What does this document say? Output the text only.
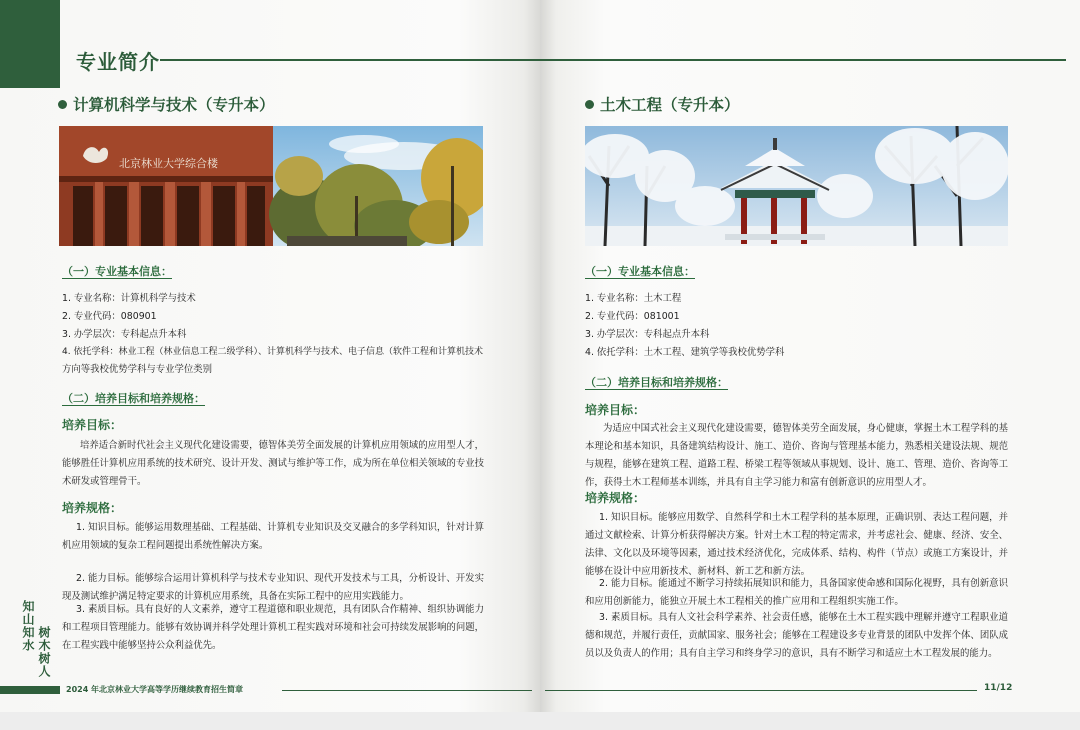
专业简介
计算机科学与技术（专升本）
北京林业大学综合楼
（一）专业基本信息：
1. 专业名称：计算机科学与技术
2. 专业代码：080901
3. 办学层次：专科起点升本科
4. 依托学科：林业工程（林业信息工程二级学科）、计算机科学与技术、电子信息（软件工程和计算机技术
方向等我校优势学科与专业学位类别
（二）培养目标和培养规格：
培养目标：
培养适合新时代社会主义现代化建设需要，德智体美劳全面发展的计算机应用领域的应用型人才，能够胜任计算机应用系统的技术研究、设计开发、测试与维护等工作，成为所在单位相关领域的专业技术研发或管理骨干。
培养规格：
1. 知识目标。能够运用数理基础、工程基础、计算机专业知识及交叉融合的多学科知识，针对计算机应用领域的复杂工程问题提出系统性解决方案。
2. 能力目标。能够综合运用计算机科学与技术专业知识、现代开发技术与工具，分析设计、开发实现及测试维护满足特定要求的计算机应用系统，具备在实际工程中的应用实践能力。
3. 素质目标。具有良好的人文素养，遵守工程道德和职业规范，具有团队合作精神、组织协调能力和工程项目管理能力。能够有效协调并科学处理计算机工程实践对环境和社会可持续发展影响的问题，在工程实践中能够坚持公众利益优先。
知山知水 树木树人
土木工程（专升本）
（一）专业基本信息：
1. 专业名称：土木工程
2. 专业代码：081001
3. 办学层次：专科起点升本科
4. 依托学科：土木工程、建筑学等我校优势学科
（二）培养目标和培养规格：
培养目标：
为适应中国式社会主义现代化建设需要，德智体美劳全面发展，身心健康，掌握土木工程学科的基本理论和基本知识，具备建筑结构设计、施工、造价、咨询与管理基本能力，熟悉相关建设法规、规范与规程，能够在建筑工程、道路工程、桥梁工程等领域从事规划、设计、施工、管理、造价、咨询等工作，获得土木工程师基本训练，并具有自主学习能力和富有创新意识的应用型人才。
培养规格：
1. 知识目标。能够应用数学、自然科学和土木工程学科的基本原理，正确识别、表达工程问题，并通过文献检索、计算分析获得解决方案。针对土木工程的特定需求，并考虑社会、健康、经济、安全、法律、文化以及环境等因素，通过技术经济优化，完成体系、结构、构件（节点）或施工方案设计，并能够在设计中应用新技术、新材料、新工艺和新方法。
2. 能力目标。能通过不断学习持续拓展知识和能力，具备国家使命感和国际化视野，具有创新意识和应用创新能力，能独立开展土木工程相关的推广应用和工程组织实施工作。
3. 素质目标。具有人文社会科学素养、社会责任感，能够在土木工程实践中理解并遵守工程职业道德和规范，并履行责任，贡献国家、服务社会；能够在工程建设多专业背景的团队中发挥个体、团队成员以及负责人的作用；具有自主学习和终身学习的意识，具有不断学习和适应土木工程发展的能力。
2024 年北京林业大学高等学历继续教育招生简章	11/12
